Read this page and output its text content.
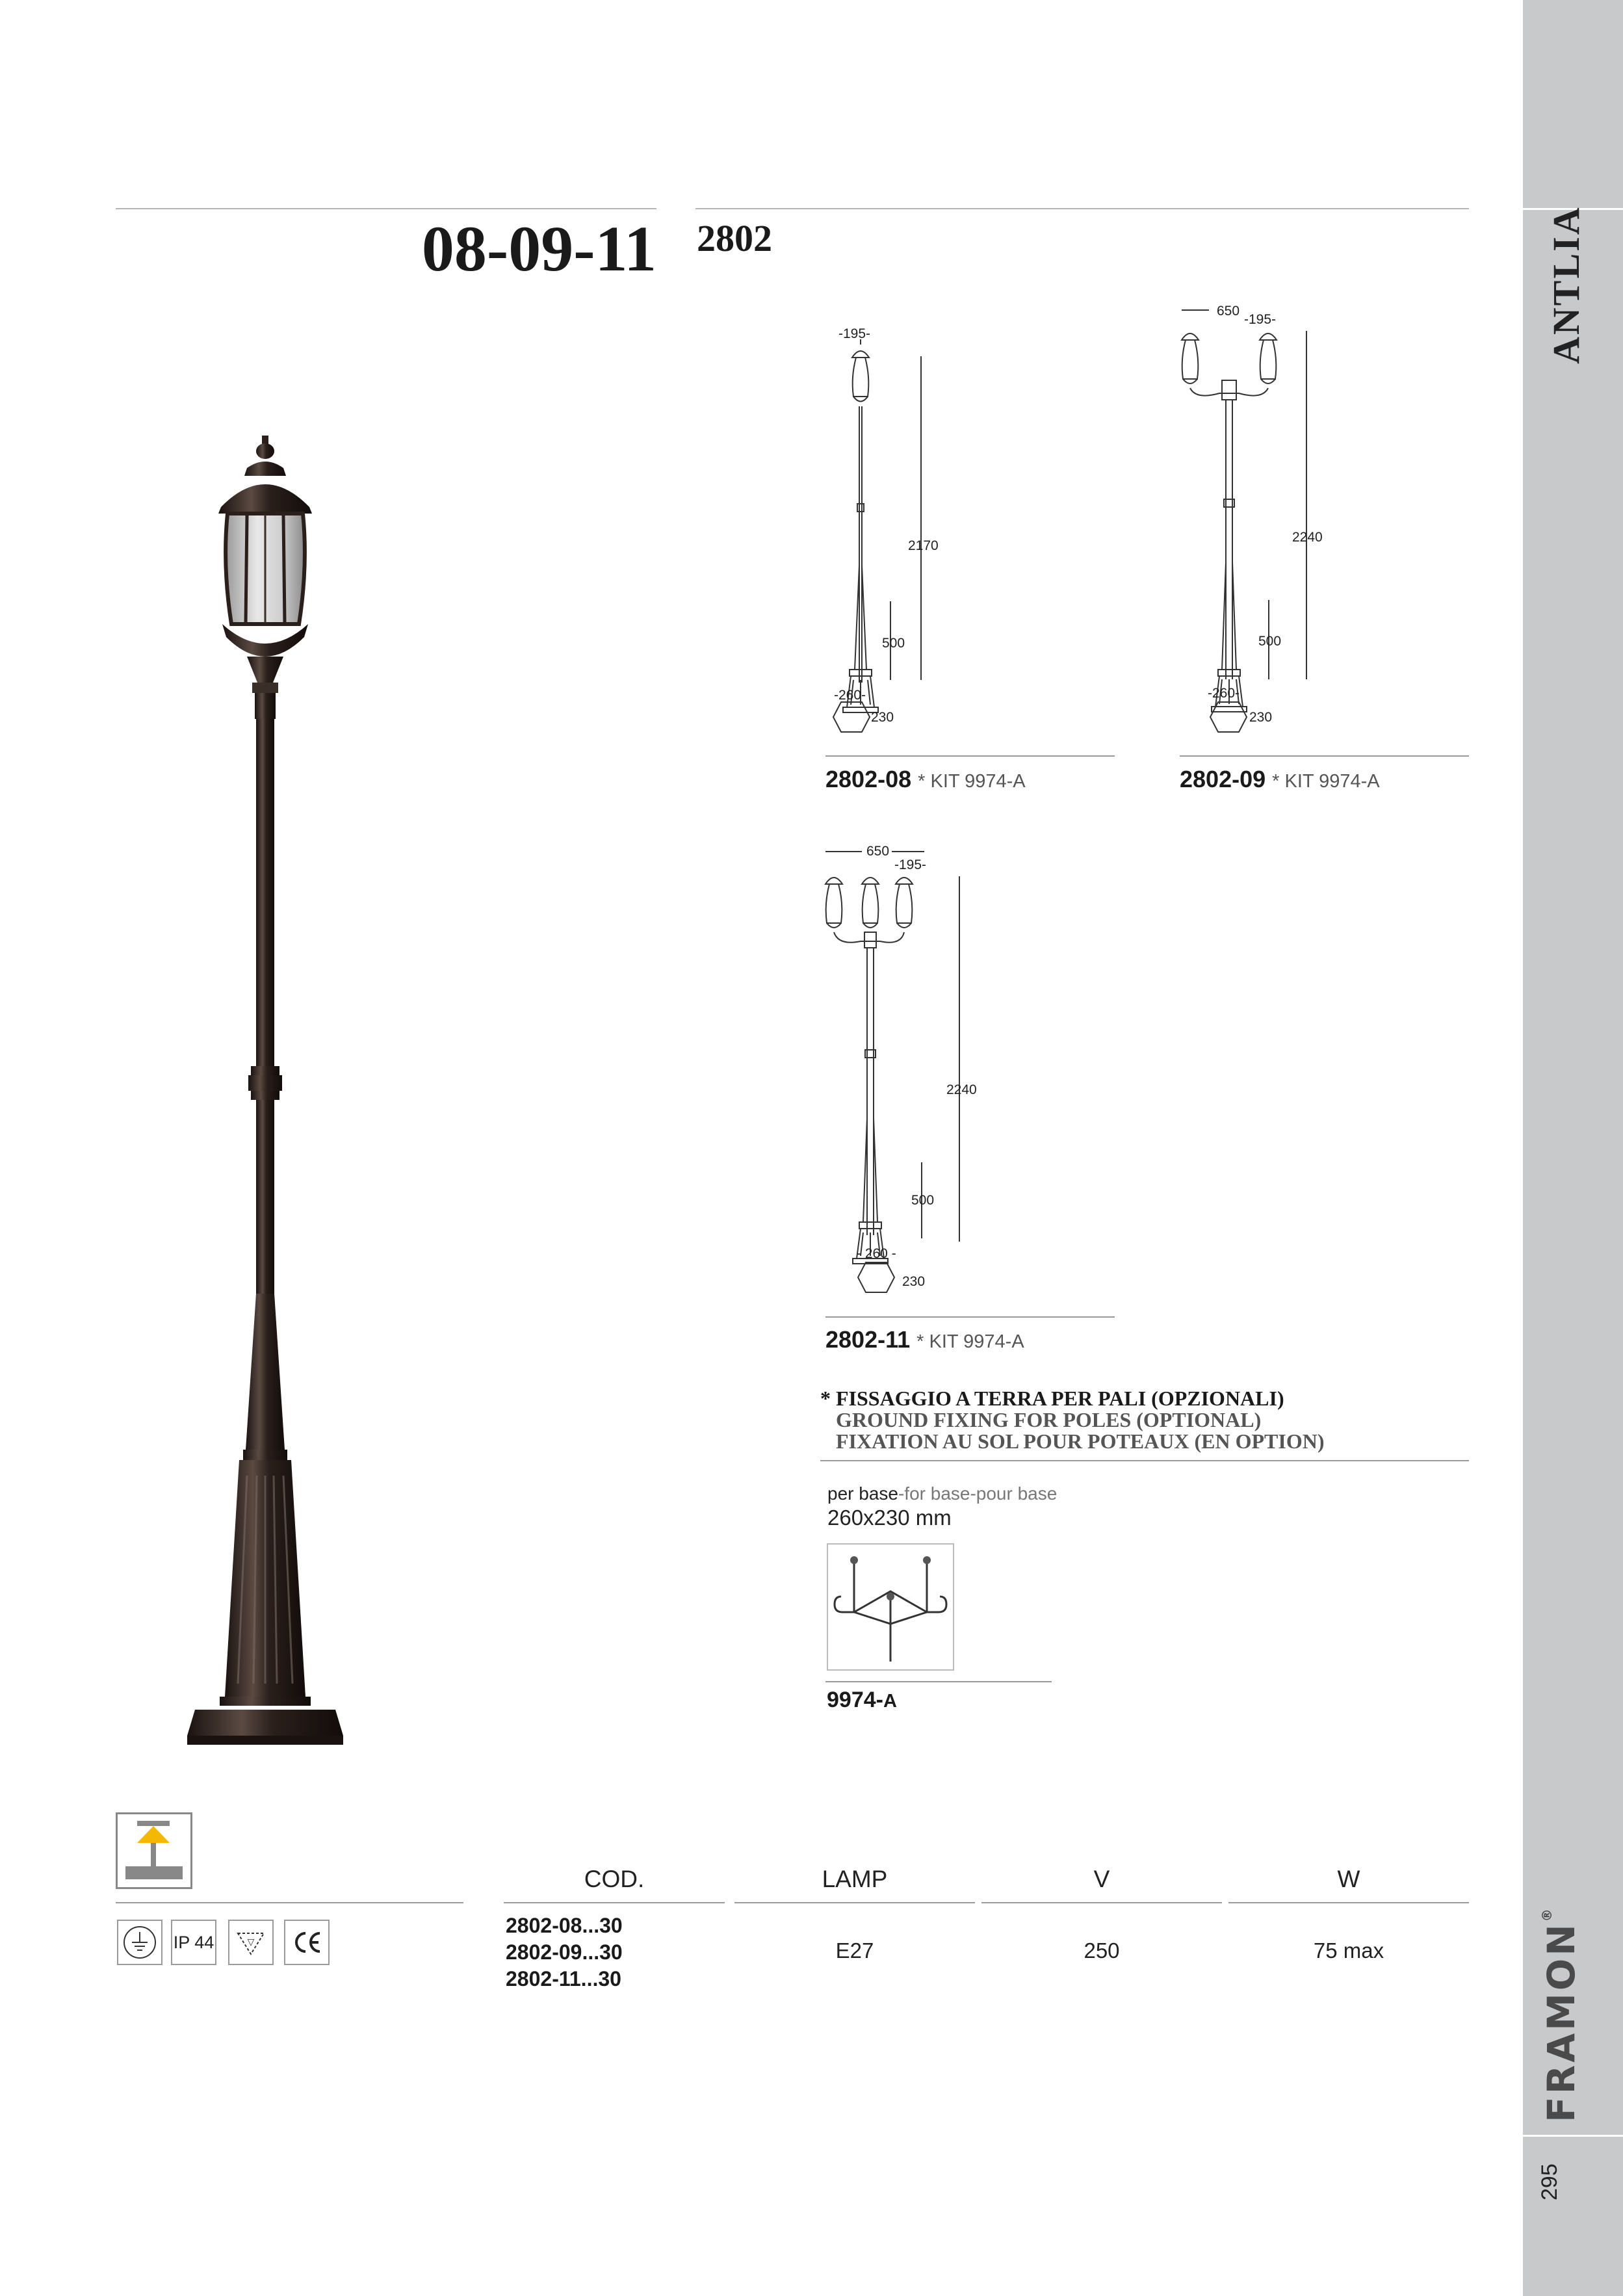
ANTLIA
FRAMON®
295
08-09-11 2802
-195-
2170
500
-260-
230
2802-08 * KIT 9974-A
650
-195-
2240
500
-260-
230
2802-09 * KIT 9974-A
650
-195-
2240
500
- 260 -
230
2802-11 * KIT 9974-A
* FISSAGGIO A TERRA PER PALI (OPZIONALI)
GROUND FIXING FOR POLES (OPTIONAL)
FIXATION AU SOL POUR POTEAUX (EN OPTION)
per base-for base-pour base
260x230 mm
9974-A
IP 44	▽
COD.	LAMP	V	W
2802-08...30
2802-09...30
2802-11...30
E27	250	75 max
